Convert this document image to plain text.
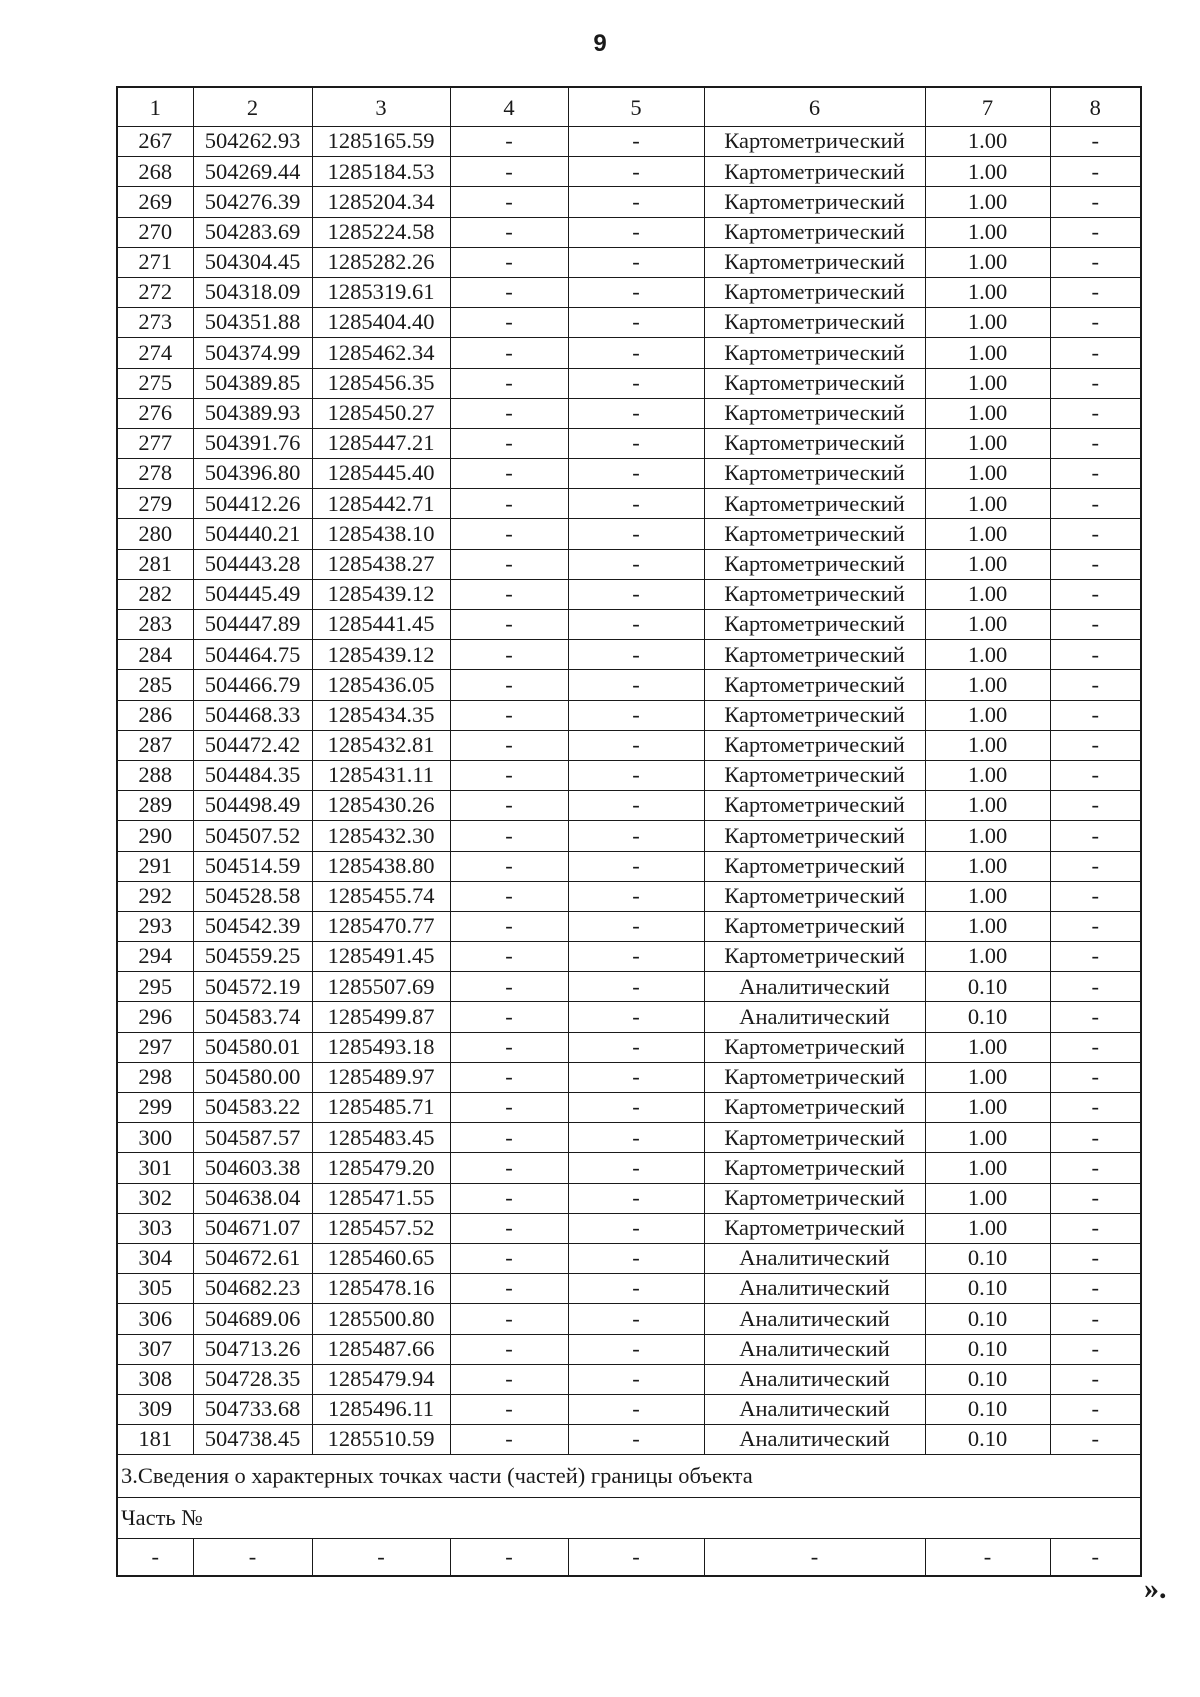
9
1	2	3	4	5	6	7	8
267	504262.93	1285165.59	-	-	Картометрический	1.00	-
268	504269.44	1285184.53	-	-	Картометрический	1.00	-
269	504276.39	1285204.34	-	-	Картометрический	1.00	-
270	504283.69	1285224.58	-	-	Картометрический	1.00	-
271	504304.45	1285282.26	-	-	Картометрический	1.00	-
272	504318.09	1285319.61	-	-	Картометрический	1.00	-
273	504351.88	1285404.40	-	-	Картометрический	1.00	-
274	504374.99	1285462.34	-	-	Картометрический	1.00	-
275	504389.85	1285456.35	-	-	Картометрический	1.00	-
276	504389.93	1285450.27	-	-	Картометрический	1.00	-
277	504391.76	1285447.21	-	-	Картометрический	1.00	-
278	504396.80	1285445.40	-	-	Картометрический	1.00	-
279	504412.26	1285442.71	-	-	Картометрический	1.00	-
280	504440.21	1285438.10	-	-	Картометрический	1.00	-
281	504443.28	1285438.27	-	-	Картометрический	1.00	-
282	504445.49	1285439.12	-	-	Картометрический	1.00	-
283	504447.89	1285441.45	-	-	Картометрический	1.00	-
284	504464.75	1285439.12	-	-	Картометрический	1.00	-
285	504466.79	1285436.05	-	-	Картометрический	1.00	-
286	504468.33	1285434.35	-	-	Картометрический	1.00	-
287	504472.42	1285432.81	-	-	Картометрический	1.00	-
288	504484.35	1285431.11	-	-	Картометрический	1.00	-
289	504498.49	1285430.26	-	-	Картометрический	1.00	-
290	504507.52	1285432.30	-	-	Картометрический	1.00	-
291	504514.59	1285438.80	-	-	Картометрический	1.00	-
292	504528.58	1285455.74	-	-	Картометрический	1.00	-
293	504542.39	1285470.77	-	-	Картометрический	1.00	-
294	504559.25	1285491.45	-	-	Картометрический	1.00	-
295	504572.19	1285507.69	-	-	Аналитический	0.10	-
296	504583.74	1285499.87	-	-	Аналитический	0.10	-
297	504580.01	1285493.18	-	-	Картометрический	1.00	-
298	504580.00	1285489.97	-	-	Картометрический	1.00	-
299	504583.22	1285485.71	-	-	Картометрический	1.00	-
300	504587.57	1285483.45	-	-	Картометрический	1.00	-
301	504603.38	1285479.20	-	-	Картометрический	1.00	-
302	504638.04	1285471.55	-	-	Картометрический	1.00	-
303	504671.07	1285457.52	-	-	Картометрический	1.00	-
304	504672.61	1285460.65	-	-	Аналитический	0.10	-
305	504682.23	1285478.16	-	-	Аналитический	0.10	-
306	504689.06	1285500.80	-	-	Аналитический	0.10	-
307	504713.26	1285487.66	-	-	Аналитический	0.10	-
308	504728.35	1285479.94	-	-	Аналитический	0.10	-
309	504733.68	1285496.11	-	-	Аналитический	0.10	-
181	504738.45	1285510.59	-	-	Аналитический	0.10	-
3.Сведения о характерных точках части (частей) границы объекта							
Часть №							
-	-	-	-	-	-	-	-
».
